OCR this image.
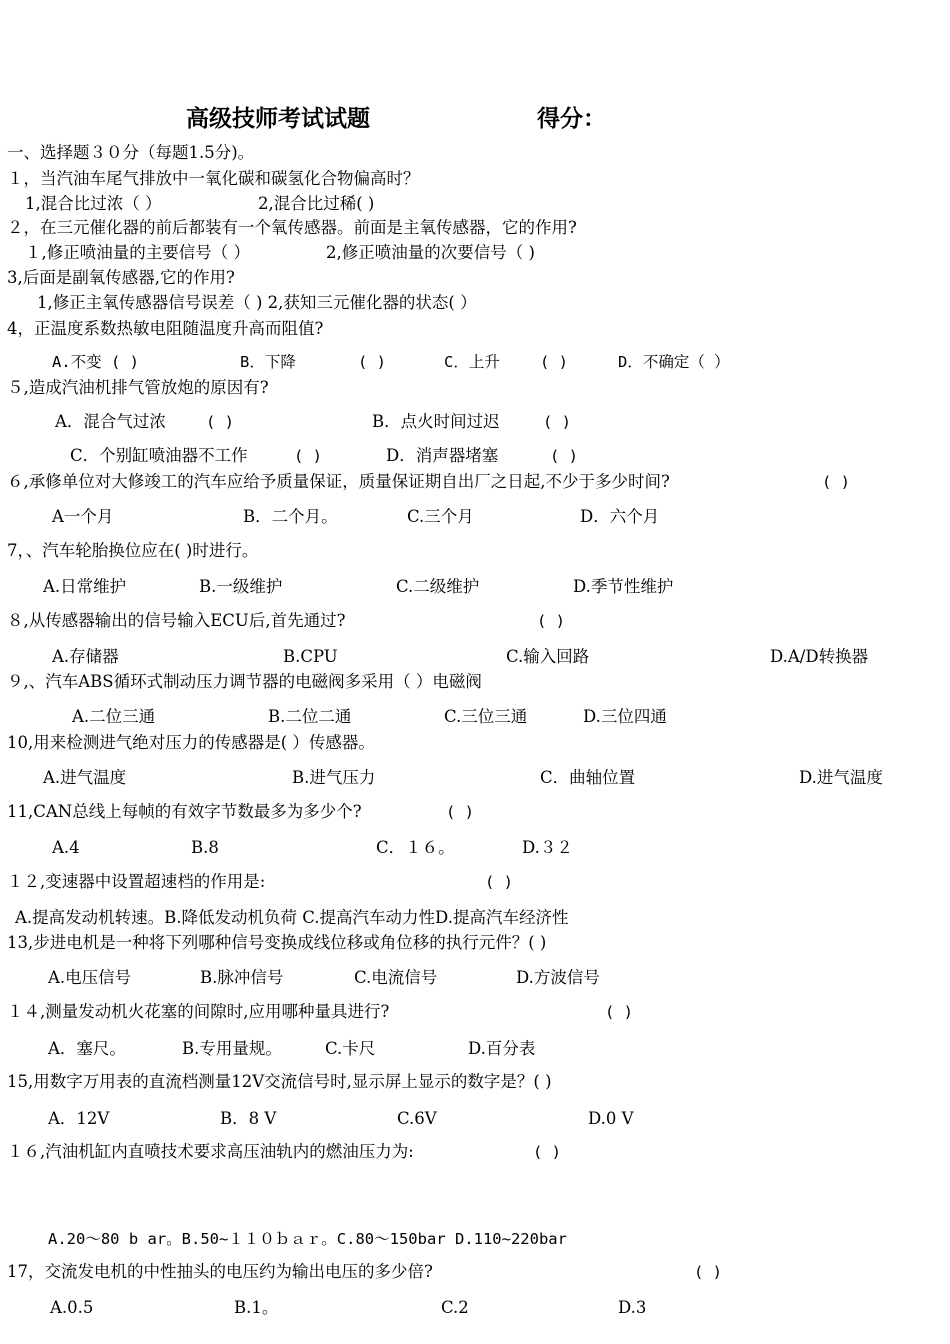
高级技师考试试题	得分：
一、选择题３０分（每题1.5分)。
１，当汽油车尾气排放中一氧化碳和碳氢化合物偏高时？
1,混合比过浓（ ）	2,混合比过稀( )
２，在三元催化器的前后都装有一个氧传感器。前面是主氧传感器，它的作用?
１,修正喷油量的主要信号（ ）	2,修正喷油量的次要信号（ )
3,后面是副氧传感器,它的作用?
1,修正主氧传感器信号误差（ ) 2,获知三元催化器的状态( ）
4，正温度系数热敏电阻随温度升高而阻值?
A.不变 ( )	B．下降	( )	C．上升	( )	D．不确定（ ）
５,造成汽油机排气管放炮的原因有?
A．混合气过浓	( )	B．点火时间过迟	( )
C．个别缸喷油器不工作	( )	D．消声器堵塞	( )
６,承修单位对大修竣工的汽车应给予质量保证，质量保证期自出厂之日起,不少于多少时间?	( )
A一个月	B．二个月。	C.三个月	D．六个月
7，、汽车轮胎换位应在( )时进行。
A.日常维护	B.一级维护	C.二级维护	D.季节性维护
８,从传感器输出的信号输入ECU后,首先通过?	( )
A.存储器	B.CPU	C.输入回路	D.A/D转换器
９,、汽车ABS循环式制动压力调节器的电磁阀多采用（ ）电磁阀
A.二位三通	B.二位二通	C.三位三通	D.三位四通
10,用来检测进气绝对压力的传感器是( ）传感器。
A.进气温度	B.进气压力	C．曲轴位置	D.进气温度
11,CAN总线上每帧的有效字节数最多为多少个?	( )
A.4	B.8	C．１６。	D.３２
１２,变速器中设置超速档的作用是:	( )
A.提高发动机转速。B.降低发动机负荷 C.提高汽车动力性D.提高汽车经济性
13,步进电机是一种将下列哪种信号变换成线位移或角位移的执行元件？( )
A.电压信号	B.脉冲信号	C.电流信号	D.方波信号
１４,测量发动机火花塞的间隙时,应用哪种量具进行?	( )
A．塞尺。	B.专用量规。	C.卡尺	D.百分表
15,用数字万用表的直流档测量12V交流信号时,显示屏上显示的数字是？( )
A．12V	B．8 V	C.6V	D.0 V
１６,汽油机缸内直喷技术要求高压油轨内的燃油压力为:	( )
A.20～80 b ar。B.50~１１０ｂａｒ。C.80～150bar D.110~220bar
17，交流发电机的中性抽头的电压约为输出电压的多少倍?	( )
A.0.5	B.1。	C.2	D.3
